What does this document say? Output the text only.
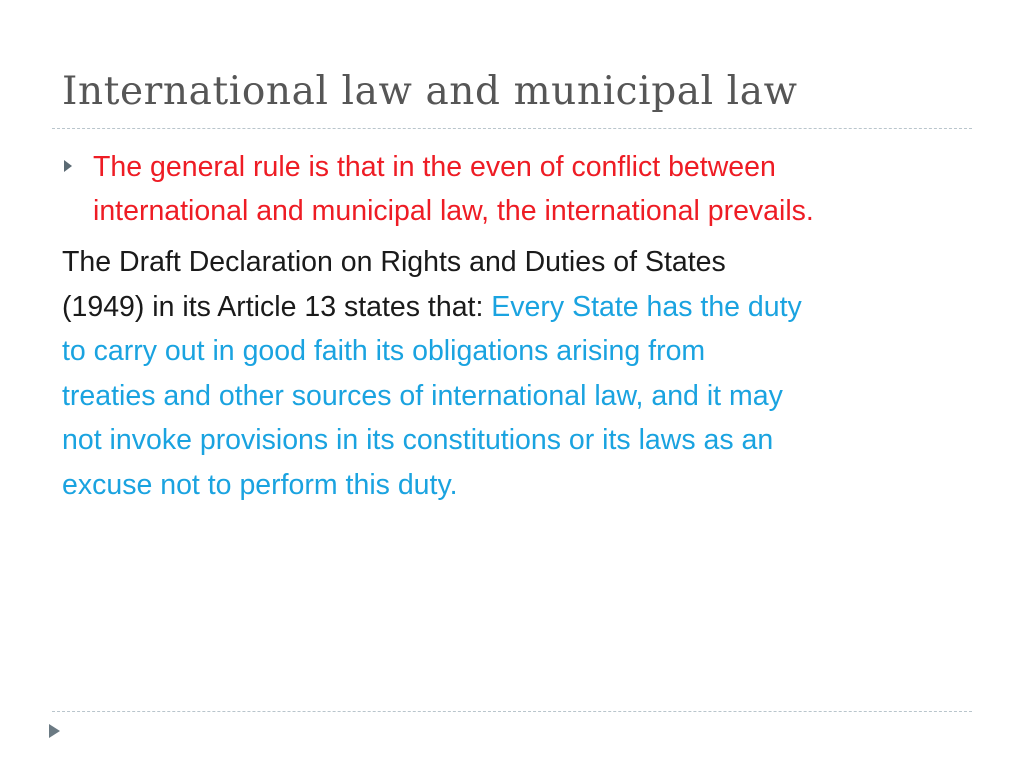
International law and municipal law
The general rule is that in the even of conflict between
international and municipal law, the international prevails.
The Draft Declaration on Rights and Duties of States
(1949) in its Article 13 states that: Every State has the duty
to carry out in good faith its obligations arising from
treaties and other sources of international law, and it may
not invoke provisions in its constitutions or its laws as an
excuse not to perform this duty.
